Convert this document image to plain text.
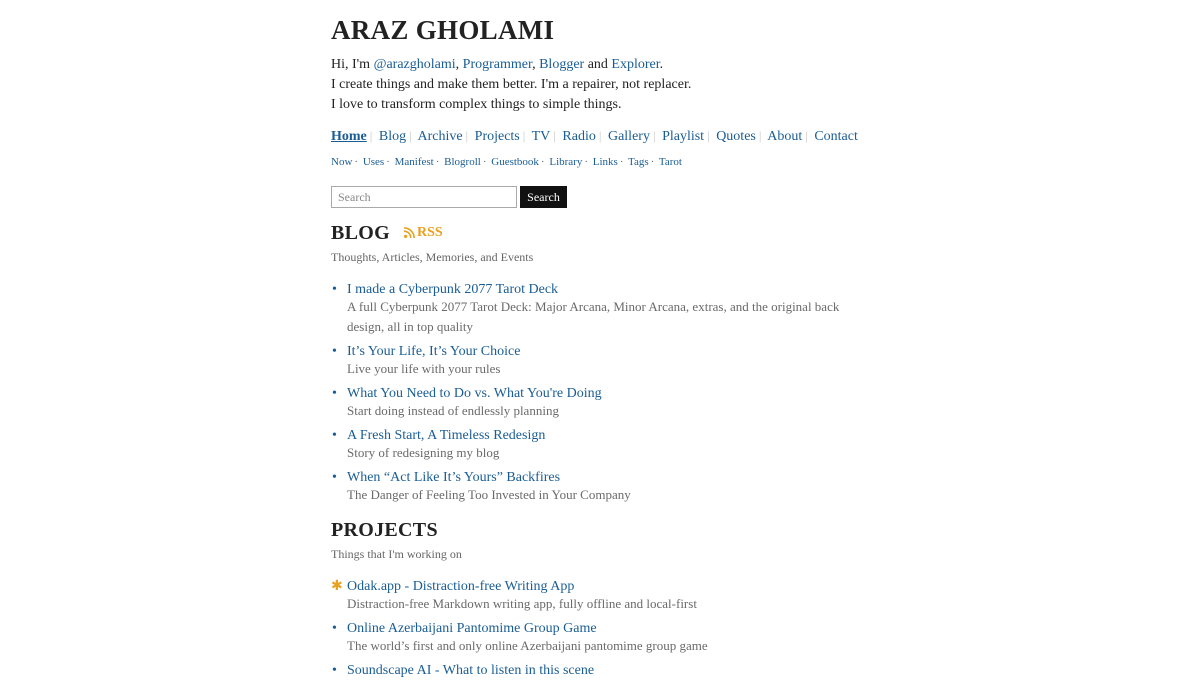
ARAZ GHOLAMI
Hi, I'm @arazgholami, Programmer, Blogger and Explorer.
I create things and make them better. I'm a repairer, not replacer.
I love to transform complex things to simple things.
Home | Blog | Archive | Projects | TV | Radio | Gallery | Playlist | Quotes | About | Contact
Now · Uses · Manifest · Blogroll · Guestbook · Library · Links · Tags · Tarot
Search
Search
BLOG RSS
Thoughts, Articles, Memories, and Events
• I made a Cyberpunk 2077 Tarot Deck
A full Cyberpunk 2077 Tarot Deck: Major Arcana, Minor Arcana, extras, and the original back design, all in top quality
• It’s Your Life, It’s Your Choice
Live your life with your rules
• What You Need to Do vs. What You're Doing
Start doing instead of endlessly planning
• A Fresh Start, A Timeless Redesign
Story of redesigning my blog
• When “Act Like It’s Yours” Backfires
The Danger of Feeling Too Invested in Your Company
PROJECTS
Things that I'm working on
✱ Odak.app - Distraction-free Writing App
Distraction-free Markdown writing app, fully offline and local-first
• Online Azerbaijani Pantomime Group Game
The world’s first and only online Azerbaijani pantomime group game
• Soundscape AI - What to listen in this scene
